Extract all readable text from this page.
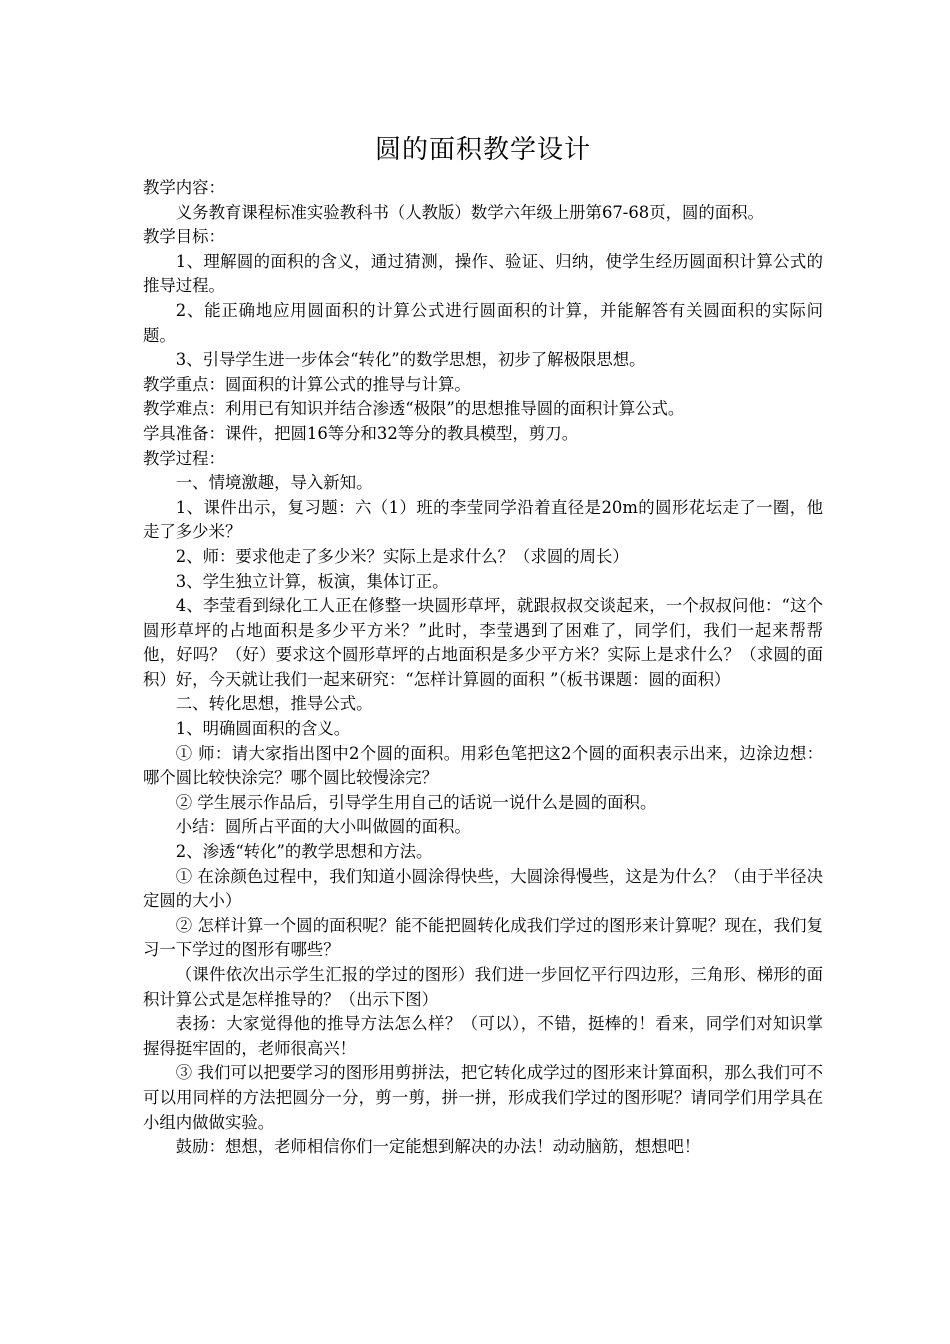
圆的面积教学设计

教学内容：

义务教育课程标准实验教科书（人教版）数学六年级上册第67-68页，圆的面积。

教学目标：

1、理解圆的面积的含义，通过猜测，操作、验证、归纳，使学生经历圆面积计算公式的推导过程。

2、能正确地应用圆面积的计算公式进行圆面积的计算，并能解答有关圆面积的实际问题。

3、引导学生进一步体会“转化”的数学思想，初步了解极限思想。

教学重点：圆面积的计算公式的推导与计算。

教学难点：利用已有知识并结合渗透“极限”的思想推导圆的面积计算公式。

学具准备：课件，把圆16等分和32等分的教具模型，剪刀。

教学过程：

一、情境激趣，导入新知。

1、课件出示，复习题：六（1）班的李莹同学沿着直径是20m的圆形花坛走了一圈，他走了多少米？

2、师：要求他走了多少米？实际上是求什么？（求圆的周长）

3、学生独立计算，板演，集体订正。

4、李莹看到绿化工人正在修整一块圆形草坪，就跟叔叔交谈起来，一个叔叔问他：“这个圆形草坪的占地面积是多少平方米？”此时，李莹遇到了困难了，同学们，我们一起来帮帮他，好吗？（好）要求这个圆形草坪的占地面积是多少平方米？实际上是求什么？（求圆的面积）好，今天就让我们一起来研究：“怎样计算圆的面积 ”（板书课题：圆的面积）

二、转化思想，推导公式。

1、明确圆面积的含义。

① 师：请大家指出图中2个圆的面积。用彩色笔把这2个圆的面积表示出来，边涂边想：哪个圆比较快涂完？哪个圆比较慢涂完？

② 学生展示作品后，引导学生用自己的话说一说什么是圆的面积。

小结：圆所占平面的大小叫做圆的面积。

2、渗透“转化”的教学思想和方法。

① 在涂颜色过程中，我们知道小圆涂得快些，大圆涂得慢些，这是为什么？（由于半径决定圆的大小）

② 怎样计算一个圆的面积呢？能不能把圆转化成我们学过的图形来计算呢？现在，我们复习一下学过的图形有哪些？

（课件依次出示学生汇报的学过的图形）我们进一步回忆平行四边形，三角形、梯形的面积计算公式是怎样推导的？（出示下图）

表扬：大家觉得他的推导方法怎么样？（可以），不错，挺棒的！看来，同学们对知识掌握得挺牢固的，老师很高兴！

③ 我们可以把要学习的图形用剪拼法，把它转化成学过的图形来计算面积，那么我们可不可以用同样的方法把圆分一分，剪一剪，拼一拼，形成我们学过的图形呢？请同学们用学具在小组内做做实验。

鼓励：想想，老师相信你们一定能想到解决的办法！动动脑筋，想想吧！
